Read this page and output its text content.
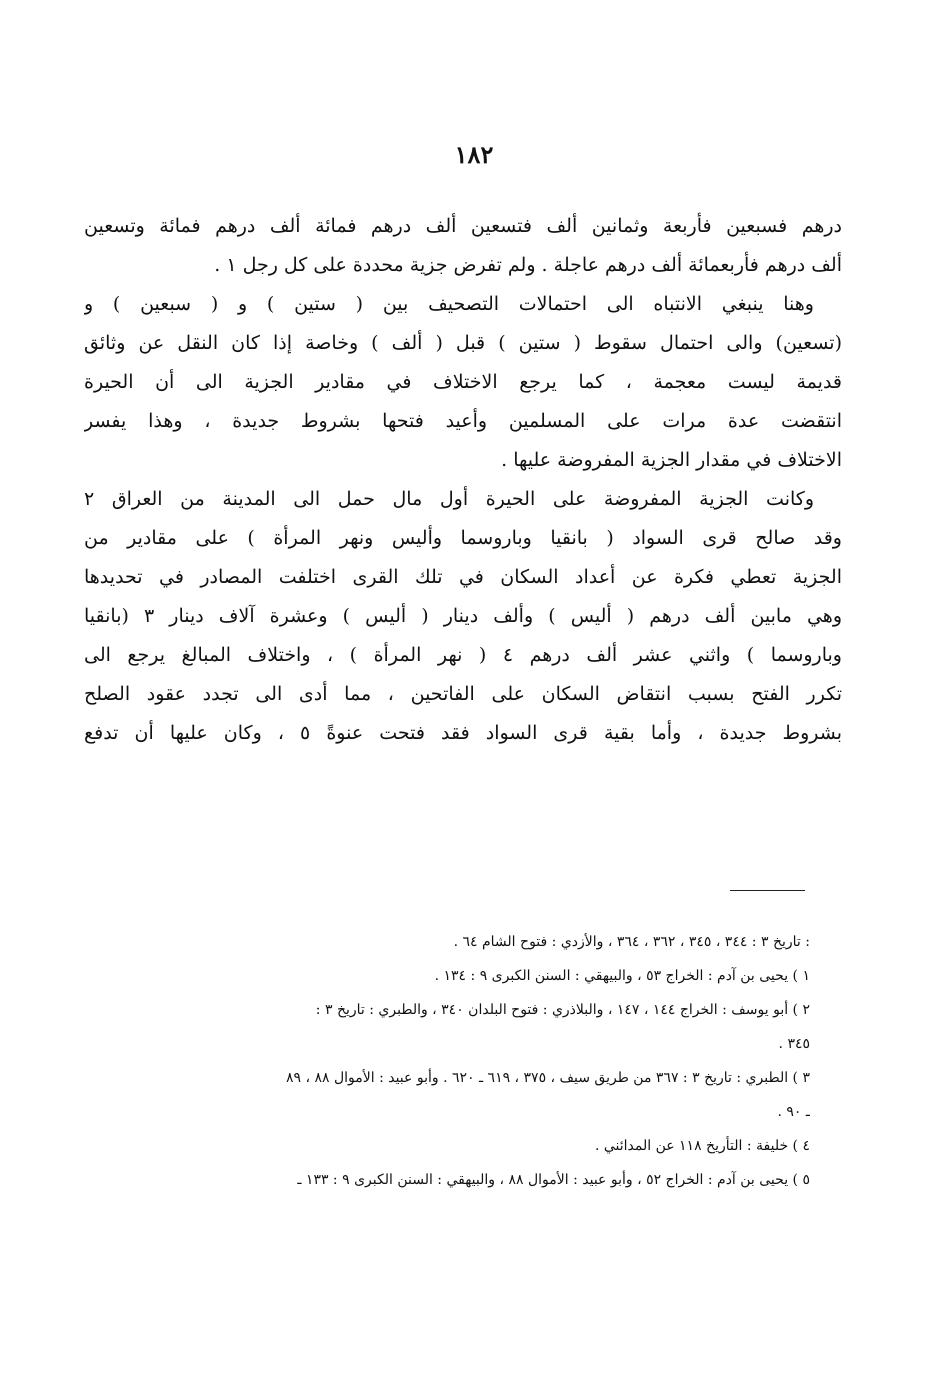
١٨٢
درهم فسبعين فأربعة وثمانين ألف فتسعين ألف درهم فمائة ألف درهم فمائة وتسعين
ألف درهم فأربعمائة ألف درهم عاجلة . ولم تفرض جزية محددة على كل رجل ١ .
وهنا ينبغي الانتباه الى احتمالات التصحيف بين ( ستين ) و ( سبعين ) و
(تسعين) والى احتمال سقوط ( ستين ) قبل ( ألف ) وخاصة إذا كان النقل عن وثائق
قديمة ليست معجمة ، كما يرجع الاختلاف في مقادير الجزية الى أن الحيرة
انتقضت عدة مرات على المسلمين وأعيد فتحها بشروط جديدة ، وهذا يفسر
الاختلاف في مقدار الجزية المفروضة عليها .
وكانت الجزية المفروضة على الحيرة أول مال حمل الى المدينة من العراق ٢
وقد صالح قرى السواد ( بانقيا وباروسما وأليس ونهر المرأة ) على مقادير من
الجزية تعطي فكرة عن أعداد السكان في تلك القرى اختلفت المصادر في تحديدها
وهي مابين ألف درهم ( أليس ) وألف دينار ( أليس ) وعشرة آلاف دينار ٣ (بانقيا
وباروسما ) واثني عشر ألف درهم ٤ ( نهر المرأة ) ، واختلاف المبالغ يرجع الى
تكرر الفتح بسبب انتقاض السكان على الفاتحين ، مما أدى الى تجدد عقود الصلح
بشروط جديدة ، وأما بقية قرى السواد فقد فتحت عنوةً ٥ ، وكان عليها أن تدفع
: تاريخ ٣ : ٣٤٤ ، ٣٤٥ ، ٣٦٢ ، ٣٦٤ ، والأزدي : فتوح الشام ٦٤ .
١ ) يحيى بن آدم : الخراج ٥٣ ، والبيهقي : السنن الكبرى ٩ : ١٣٤ .
٢ ) أبو يوسف : الخراج ١٤٤ ، ١٤٧ ، والبلاذري : فتوح البلدان ٣٤٠ ، والطبري : تاريخ ٣ :
٣٤٥ .
٣ ) الطبري : تاريخ ٣ : ٣٦٧ من طريق سيف ، ٣٧٥ ، ٦١٩ ـ ٦٢٠ . وأبو عبيد : الأموال ٨٨ ، ٨٩
ـ ٩٠ .
٤ ) خليفة : التأريخ ١١٨ عن المدائني .
٥ ) يحيى بن آدم : الخراج ٥٢ ، وأبو عبيد : الأموال ٨٨ ، والبيهقي : السنن الكبرى ٩ : ١٣٣ ـ
